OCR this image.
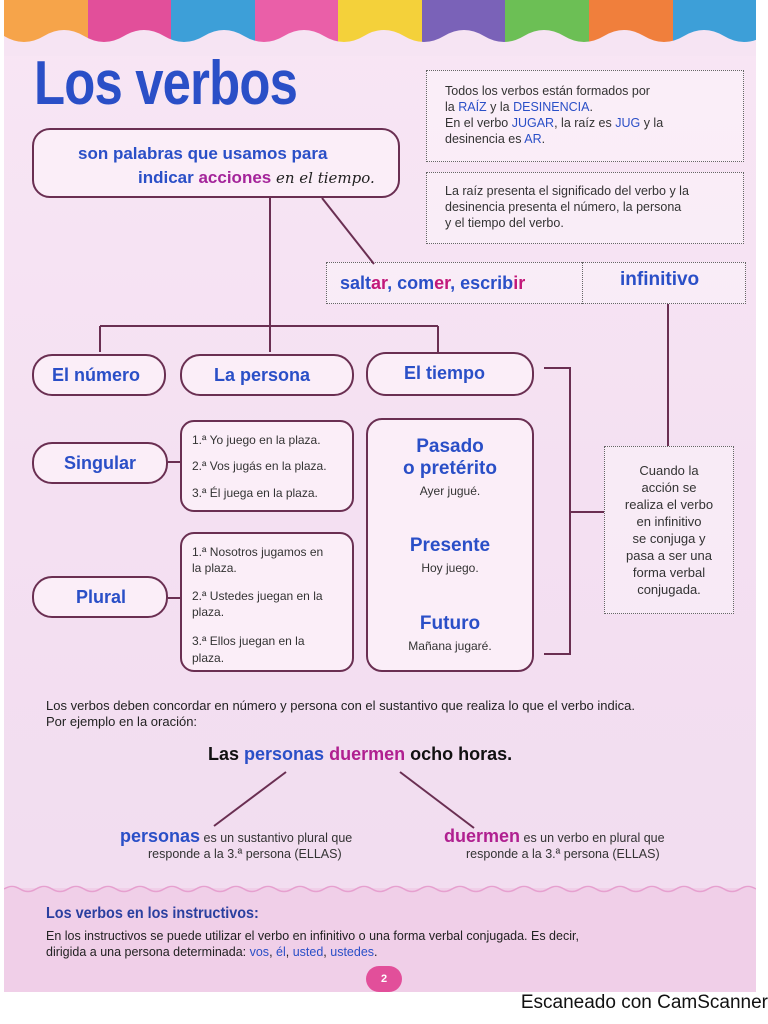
Los verbos
son palabras que usamos para
indicar acciones en el tiempo.
Todos los verbos están formados por
la RAÍZ y la DESINENCIA.
En el verbo JUGAR, la raíz es JUG y la
desinencia es AR.
La raíz presenta el significado del verbo y la
desinencia presenta el número, la persona
y el tiempo del verbo.
saltar, comer, escribir	infinitivo
El número	La persona	El tiempo
Singular
Plural
1.ª Yo juego en la plaza.
2.ª Vos jugás en la plaza.
3.ª Él juega en la plaza.
1.ª Nosotros jugamos en
la plaza.
2.ª Ustedes juegan en la
plaza.
3.ª Ellos juegan en la
plaza.
Pasado
o pretérito
Ayer jugué.
Presente
Hoy juego.
Futuro
Mañana jugaré.
Cuando la
acción se
realiza el verbo
en infinitivo
se conjuga y
pasa a ser una
forma verbal
conjugada.
Los verbos deben concordar en número y persona con el sustantivo que realiza lo que el verbo indica.
Por ejemplo en la oración:
Las personas duermen ocho horas.
personas es un sustantivo plural que
responde a la 3.ª persona (ELLAS)
duermen es un verbo en plural que
responde a la 3.ª persona (ELLAS)
Los verbos en los instructivos:
En los instructivos se puede utilizar el verbo en infinitivo o una forma verbal conjugada. Es decir,
dirigida a una persona determinada: vos, él, usted, ustedes.
2
Escaneado con CamScanner
